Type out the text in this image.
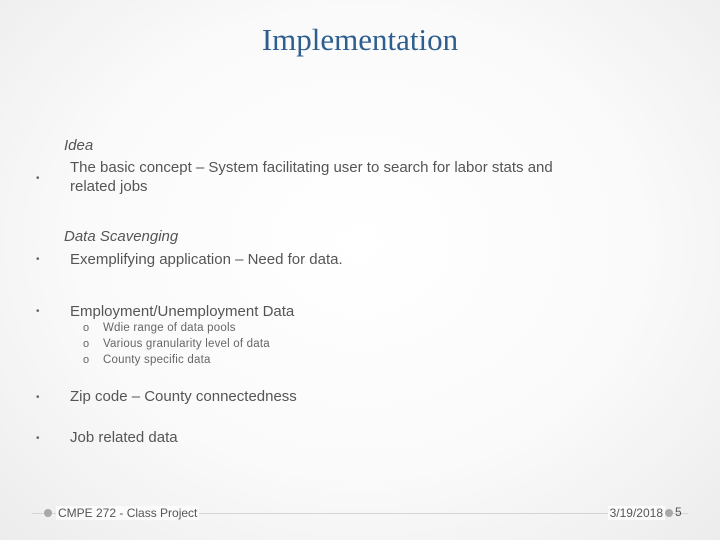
Implementation
•
Idea
The basic concept – System facilitating user to search for labor stats and
related jobs
•
Data Scavenging
Exemplifying application – Need for data.
• Employment/Unemployment Data
o Wdie range of data pools
o Various granularity level of data
o County specific data
• Zip code – County connectedness
• Job related data
CMPE 272 - Class Project	3/19/2018 5
